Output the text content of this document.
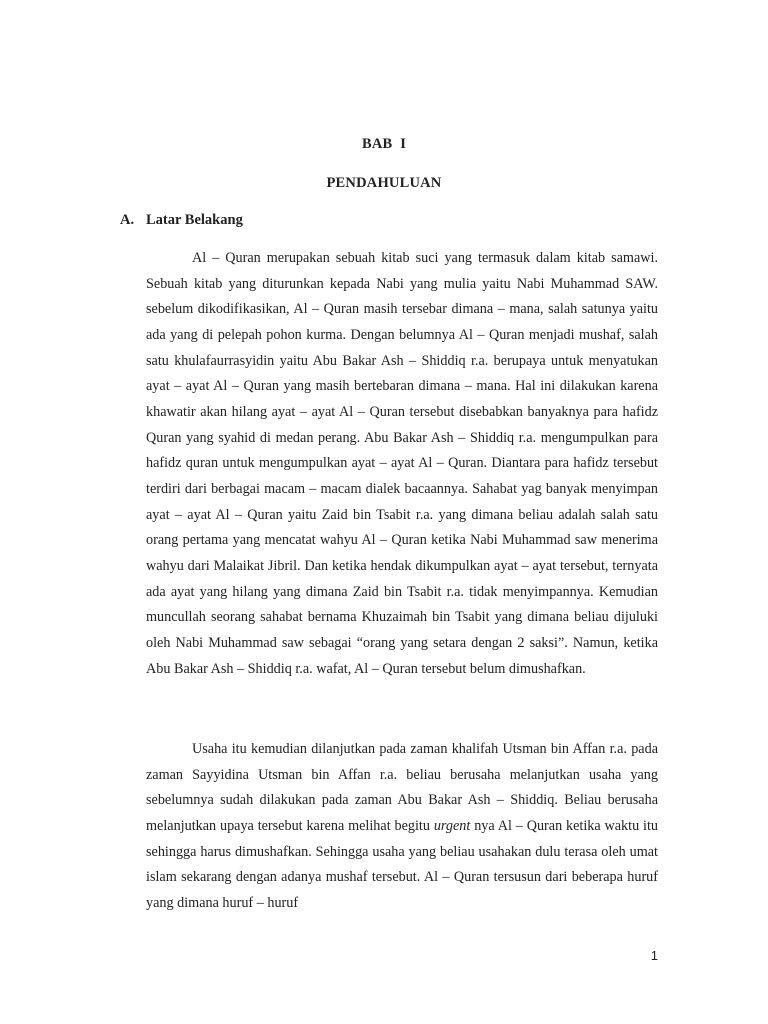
BAB I
PENDAHULUAN
A. Latar Belakang

Al – Quran merupakan sebuah kitab suci yang termasuk dalam kitab samawi. Sebuah kitab yang diturunkan kepada Nabi yang mulia yaitu Nabi Muhammad SAW. sebelum dikodifikasikan, Al – Quran masih tersebar dimana – mana, salah satunya yaitu ada yang di pelepah pohon kurma. Dengan belumnya Al – Quran menjadi mushaf, salah satu khulafaurrasyidin yaitu Abu Bakar Ash – Shiddiq r.a. berupaya untuk menyatukan ayat – ayat Al – Quran yang masih bertebaran dimana – mana. Hal ini dilakukan karena khawatir akan hilang ayat – ayat Al – Quran tersebut disebabkan banyaknya para hafidz Quran yang syahid di medan perang. Abu Bakar Ash – Shiddiq r.a. mengumpulkan para hafidz quran untuk mengumpulkan ayat – ayat Al – Quran. Diantara para hafidz tersebut terdiri dari berbagai macam – macam dialek bacaannya. Sahabat yag banyak menyimpan ayat – ayat Al – Quran yaitu Zaid bin Tsabit r.a. yang dimana beliau adalah salah satu orang pertama yang mencatat wahyu Al – Quran ketika Nabi Muhammad saw menerima wahyu dari Malaikat Jibril. Dan ketika hendak dikumpulkan ayat – ayat tersebut, ternyata ada ayat yang hilang yang dimana Zaid bin Tsabit r.a. tidak menyimpannya. Kemudian muncullah seorang sahabat bernama Khuzaimah bin Tsabit yang dimana beliau dijuluki oleh Nabi Muhammad saw sebagai “orang yang setara dengan 2 saksi”. Namun, ketika Abu Bakar Ash – Shiddiq r.a. wafat, Al – Quran tersebut belum dimushafkan.

Usaha itu kemudian dilanjutkan pada zaman khalifah Utsman bin Affan r.a. pada zaman Sayyidina Utsman bin Affan r.a. beliau berusaha melanjutkan usaha yang sebelumnya sudah dilakukan pada zaman Abu Bakar Ash – Shiddiq. Beliau berusaha melanjutkan upaya tersebut karena melihat begitu urgent nya Al – Quran ketika waktu itu sehingga harus dimushafkan. Sehingga usaha yang beliau usahakan dulu terasa oleh umat islam sekarang dengan adanya mushaf tersebut. Al – Quran tersusun dari beberapa huruf yang dimana huruf – huruf

1
